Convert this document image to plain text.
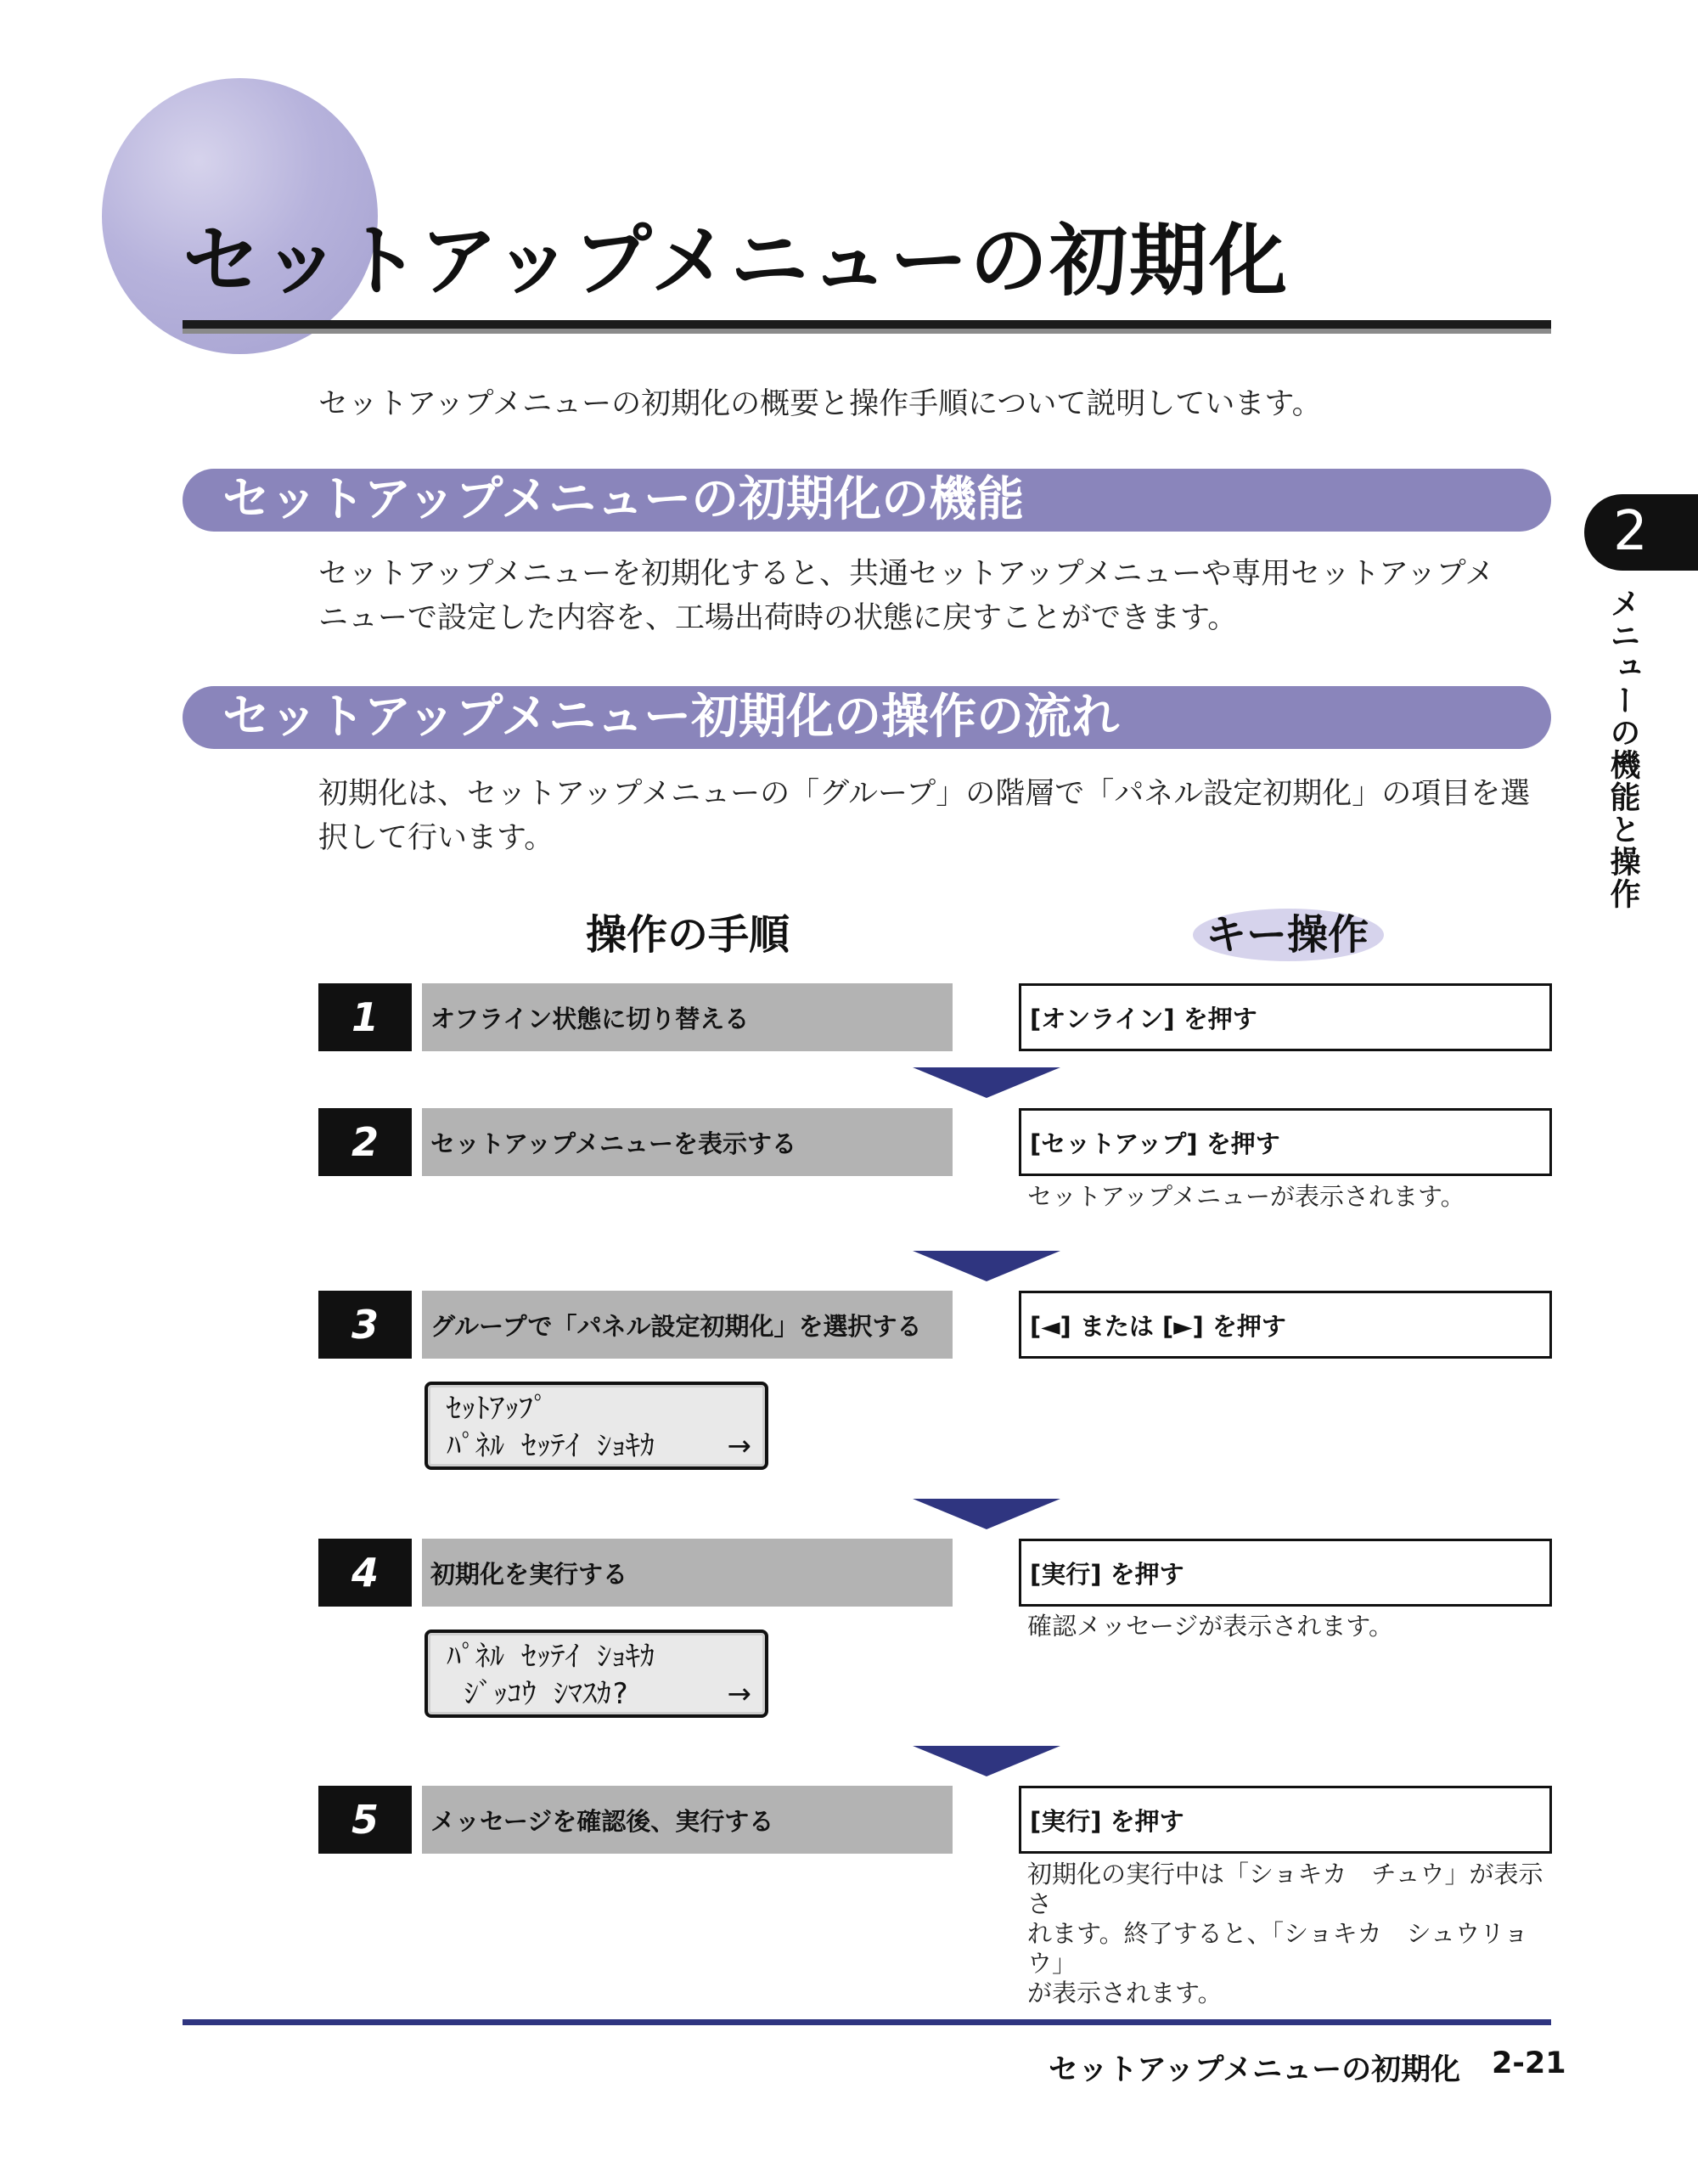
セットアップメニューの初期化
セットアップメニューの初期化の概要と操作手順について説明しています。
2
メニューの機能と操作
セットアップメニューの初期化の機能
セットアップメニューを初期化すると、共通セットアップメニューや専用セットアップメ
ニューで設定した内容を、工場出荷時の状態に戻すことができます。
セットアップメニュー初期化の操作の流れ
初期化は、セットアップメニューの「グループ」の階層で「パネル設定初期化」の項目を選
択して行います。
操作の手順	キー操作
1	オフライン状態に切り替える	[オンライン] を押す
2	セットアップメニューを表示する	[セットアップ] を押す
セットアップメニューが表示されます。
3	グループで「パネル設定初期化」を選択する	[◄] または [►] を押す
ｾｯﾄｱｯﾌﾟ
ﾊﾟﾈﾙ ｾｯﾃｲ ｼｮｷｶ	→
4	初期化を実行する	[実行] を押す
確認メッセージが表示されます。
ﾊﾟﾈﾙ ｾｯﾃｲ ｼｮｷｶ
ｼﾞｯｺｳ ｼﾏｽｶ?	→
5	メッセージを確認後、実行する	[実行] を押す
初期化の実行中は「ショキカ　チュウ」が表示さ
れます。終了すると、「ショキカ　シュウリョウ」
が表示されます。
セットアップメニューの初期化 2-21
